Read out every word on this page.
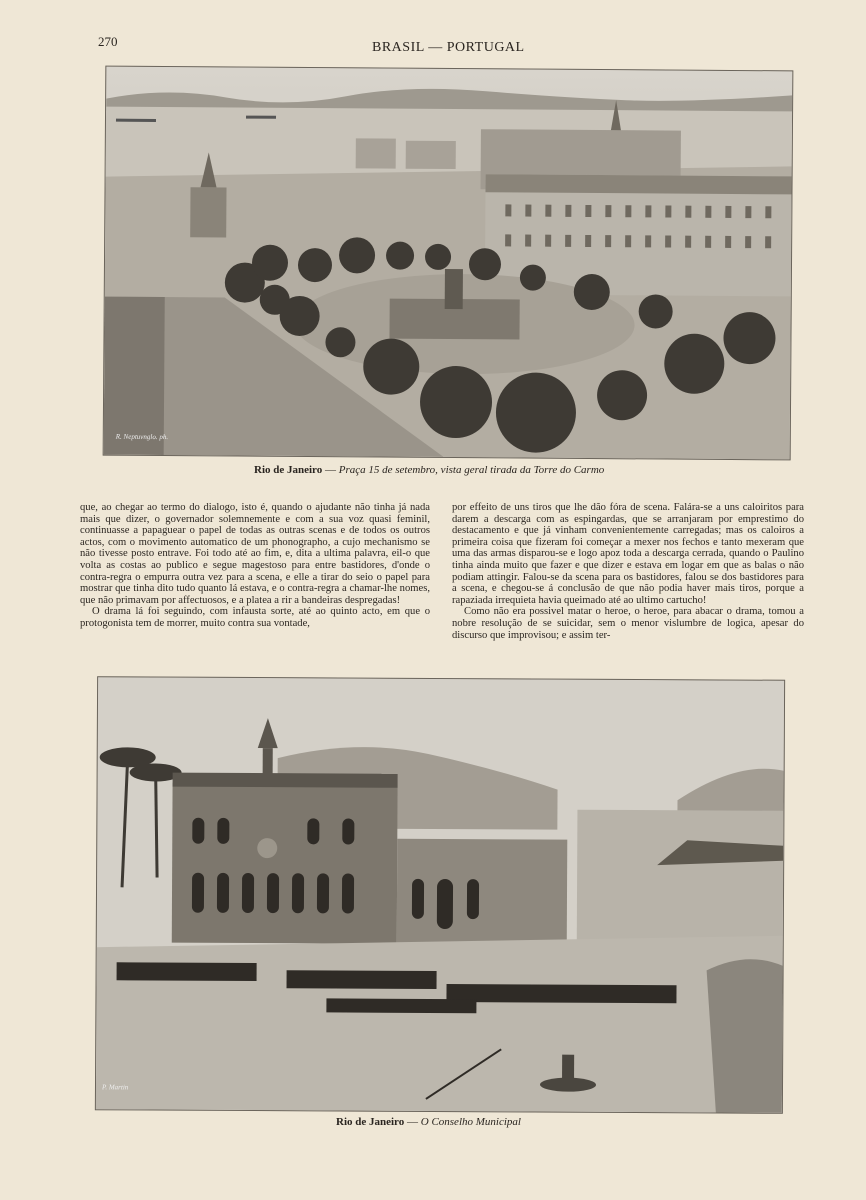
270	BRASIL — PORTUGAL
R. Neptuvnglo. ph.
Rio de Janeiro — Praça 15 de setembro, vista geral tirada da Torre do Carmo

que, ao chegar ao termo do dialogo, isto é, quando o ajudante não tinha já nada mais que dizer, o governador solemnemente e com a sua voz quasi feminil, continuasse a papaguear o papel de todas as outras scenas e de todos os outros actos, com o movimento automatico de um phonographo, a cujo mechanismo se não tivesse posto entrave. Foi todo até ao fim, e, dita a ultima palavra, eil-o que volta as costas ao publico e segue magestoso para entre bastidores, d'onde o contra-regra o empurra outra vez para a scena, e elle a tirar do seio o papel para mostrar que tinha dito tudo quanto lá estava, e o contra-regra a chamar-lhe nomes, que não primavam por affectuosos, e a platea a rir a bandeiras despregadas!

O drama lá foi seguindo, com infausta sorte, até ao quinto acto, em que o protogonista tem de morrer, muito contra sua vontade,

por effeito de uns tiros que lhe dão fóra de scena. Falára-se a uns caloiritos para darem a descarga com as espingardas, que se arranjaram por emprestimo do destacamento e que já vinham convenientemente carregadas; mas os caloiros a primeira coisa que fizeram foi começar a mexer nos fechos e tanto mexeram que uma das armas disparou-se e logo apoz toda a descarga cerrada, quando o Paulino tinha ainda muito que fazer e que dizer e estava em logar em que as balas o não podiam attingir. Falou-se da scena para os bastidores, falou se dos bastidores para a scena, e chegou-se á conclusão de que não podia haver mais tiros, porque a rapaziada irrequieta havia queimado até ao ultimo cartucho!

Como não era possivel matar o heroe, o heroe, para abacar o drama, tomou a nobre resolução de se suicidar, sem o menor vislumbre de logica, apesar do discurso que improvisou; e assim ter-

P. Martin
Rio de Janeiro — O Conselho Municipal
